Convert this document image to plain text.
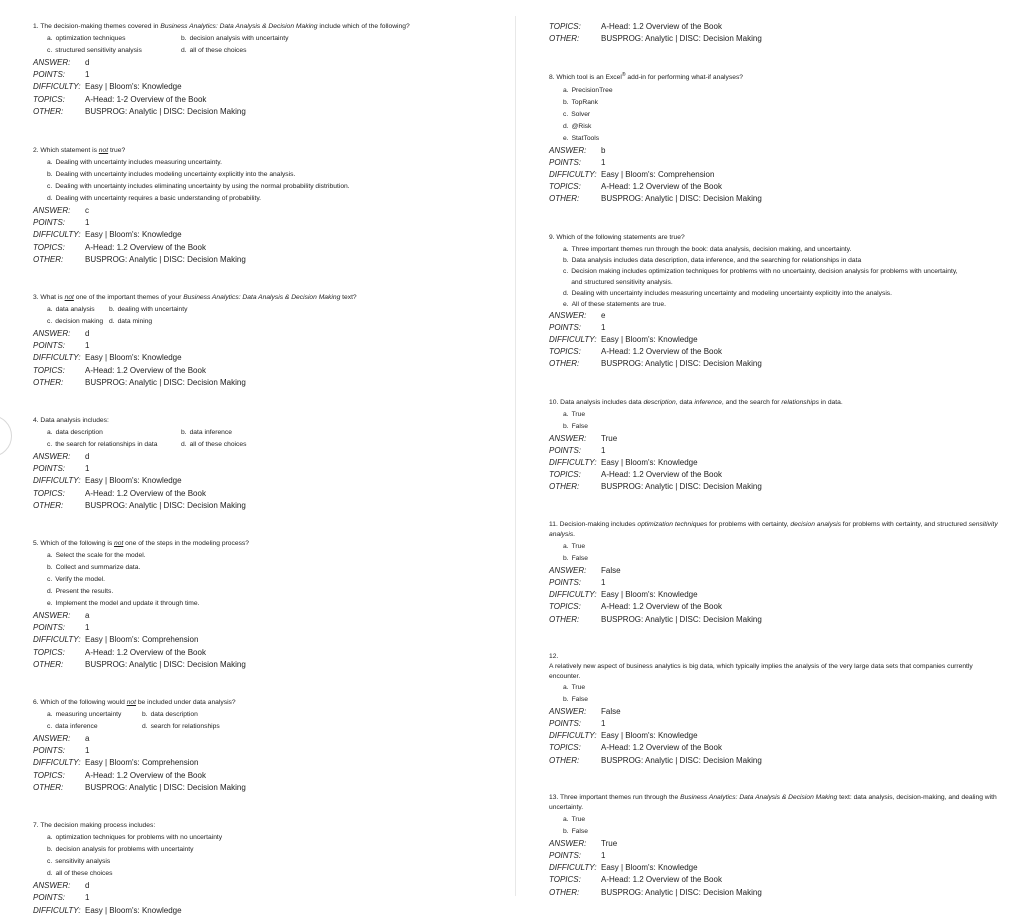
1. The decision-making themes covered in Business Analytics: Data Analysis & Decision Making include which of the following?
a. optimization techniques	b. decision analysis with uncertainty
c. structured sensitivity analysis	d. all of these choices
ANSWER:	d
POINTS:	1
DIFFICULTY: Easy | Bloom's: Knowledge
TOPICS:	A-Head: 1-2 Overview of the Book
OTHER:	BUSPROG: Analytic | DISC: Decision Making
2. Which statement is not true?
a. Dealing with uncertainty includes measuring uncertainty.
b. Dealing with uncertainty includes modeling uncertainty explicitly into the analysis.
c. Dealing with uncertainty includes eliminating uncertainty by using the normal probability distribution.
d. Dealing with uncertainty requires a basic understanding of probability.
ANSWER:	c
POINTS:	1
DIFFICULTY: Easy | Bloom's: Knowledge
TOPICS:	A-Head: 1.2 Overview of the Book
OTHER:	BUSPROG: Analytic | DISC: Decision Making
3. What is not one of the important themes of your Business Analytics: Data Analysis & Decision Making text?
a. data analysis	b. dealing with uncertainty
c. decision making d. data mining
ANSWER:	d
POINTS:	1
DIFFICULTY: Easy | Bloom's: Knowledge
TOPICS:	A-Head: 1.2 Overview of the Book
OTHER:	BUSPROG: Analytic | DISC: Decision Making
4. Data analysis includes:
a. data description	b. data inference
c. the search for relationships in data	d. all of these choices
ANSWER:	d
POINTS:	1
DIFFICULTY: Easy | Bloom's: Knowledge
TOPICS:	A-Head: 1.2 Overview of the Book
OTHER:	BUSPROG: Analytic | DISC: Decision Making
5. Which of the following is not one of the steps in the modeling process?
a. Select the scale for the model.
b. Collect and summarize data.
c. Verify the model.
d. Present the results.
e. Implement the model and update it through time.
ANSWER:	a
POINTS:	1
DIFFICULTY: Easy | Bloom's: Comprehension
TOPICS:	A-Head: 1.2 Overview of the Book
OTHER:	BUSPROG: Analytic | DISC: Decision Making
6. Which of the following would not be included under data analysis?
a. measuring uncertainty	b. data description
c. data inference	d. search for relationships
ANSWER:	a
POINTS:	1
DIFFICULTY: Easy | Bloom's: Comprehension
TOPICS:	A-Head: 1.2 Overview of the Book
OTHER:	BUSPROG: Analytic | DISC: Decision Making
7. The decision making process includes:
a. optimization techniques for problems with no uncertainty
b. decision analysis for problems with uncertainty
c. sensitivity analysis
d. all of these choices
ANSWER:	d
POINTS:	1
DIFFICULTY: Easy | Bloom's: Knowledge
TOPICS:	A-Head: 1.2 Overview of the Book
OTHER:	BUSPROG: Analytic | DISC: Decision Making
8. Which tool is an Excel® add-in for performing what-if analyses?
a. PrecisionTree
b. TopRank
c. Solver
d. @Risk
e. StatTools
ANSWER:	b
POINTS:	1
DIFFICULTY: Easy | Bloom's: Comprehension
TOPICS:	A-Head: 1.2 Overview of the Book
OTHER:	BUSPROG: Analytic | DISC: Decision Making
9. Which of the following statements are true?
a. Three important themes run through the book: data analysis, decision making, and uncertainty.
b. Data analysis includes data description, data inference, and the searching for relationships in data
c. Decision making includes optimization techniques for problems with no uncertainty, decision analysis for problems with uncertainty, and structured sensitivity analysis.
d. Dealing with uncertainty includes measuring uncertainty and modeling uncertainty explicitly into the analysis.
e. All of these statements are true.
ANSWER:	e
POINTS:	1
DIFFICULTY: Easy | Bloom's: Knowledge
TOPICS:	A-Head: 1.2 Overview of the Book
OTHER:	BUSPROG: Analytic | DISC: Decision Making
10. Data analysis includes data description, data inference, and the search for relationships in data.
a. True
b. False
ANSWER:	True
POINTS:	1
DIFFICULTY: Easy | Bloom's: Knowledge
TOPICS:	A-Head: 1.2 Overview of the Book
OTHER:	BUSPROG: Analytic | DISC: Decision Making
11. Decision-making includes optimization techniques for problems with certainty, decision analysis for problems with certainty, and structured sensitivity analysis.
a. True
b. False
ANSWER:	False
POINTS:	1
DIFFICULTY: Easy | Bloom's: Knowledge
TOPICS:	A-Head: 1.2 Overview of the Book
OTHER:	BUSPROG: Analytic | DISC: Decision Making
12.
A relatively new aspect of business analytics is big data, which typically implies the analysis of the very large data sets that companies currently encounter.
a. True
b. False
ANSWER:	False
POINTS:	1
DIFFICULTY: Easy | Bloom's: Knowledge
TOPICS:	A-Head: 1.2 Overview of the Book
OTHER:	BUSPROG: Analytic | DISC: Decision Making
13. Three important themes run through the Business Analytics: Data Analysis & Decision Making text: data analysis, decision-making, and dealing with uncertainty.
a. True
b. False
ANSWER:	True
POINTS:	1
DIFFICULTY: Easy | Bloom's: Knowledge
TOPICS:	A-Head: 1.2 Overview of the Book
OTHER:	BUSPROG: Analytic | DISC: Decision Making
